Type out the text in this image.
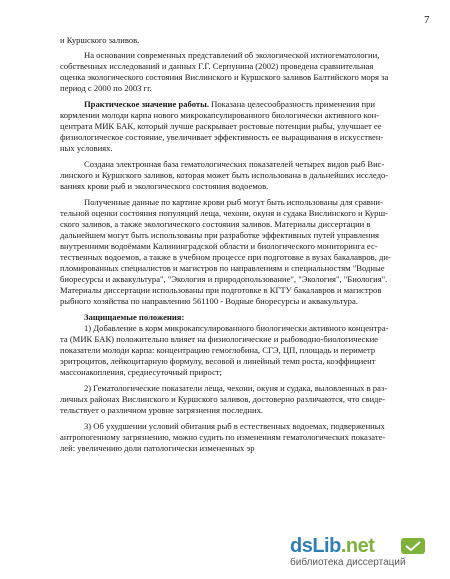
7
и Куршского заливов.
На основании современных представлений об экологической ихтиогематологии,
собственных исследований и данных Г.Г. Серпунина (2002) проведена сравнительная
оценка экологического состояния Вислинского и Куршского заливов Балтийского моря за
период с 2000 по 2003 гг.
Практическое значение работы. Показана целесообразность применения при
кормлении молоди карпа нового микрокапсулированного биологически активного кон-
центрата МИК БАК, который лучше раскрывает ростовые потенции рыбы, улучшает ее
физиологическое состояние, увеличивает эффективность ее выращивания в искусствен-
ных условиях.
Создана электронная база гематологических показателей четырех видов рыб Вис-
линского и Куршского заливов, которая может быть использована в дальнейших исследо-
ваниях крови рыб и экологического состояния водоемов.
Полученные данные по картине крови рыб могут быть использованы для сравни-
тельной оценки состояния популяций леща, чехони, окуня и судака Вислинского и Курш-
ского заливов, а также экологического состояния заливов. Материалы диссертации в
дальнейшем могут быть использованы при разработке эффективных путей управления
внутренними водоёмами Калининградской области и биологического мониторинга ес-
тественных водоемов, а также в учебном процессе при подготовке в вузах бакалавров, ди-
пломированных специалистов и магистров по направлениям и специальностям "Водные
биоресурсы и аквакультура", "Экология и природопользование", "Экология", "Биология".
Материалы диссертации использованы при подготовке в КГТУ бакалавров и магистров
рыбного хозяйства по направлению 561100 - Водные биоресурсы и аквакультура.
Защищаемые положения:
1) Добавление в корм микрокапсулированного биологически активного концентра-
та (МИК БАК) положительно влияет на физиологические и рыбоводно-биологические
показатели молоди карпа: концентрацию гемоглобина, СГЭ, ЦП, площадь и периметр
эритроцитов, лейкоцитарную формулу, весовой и линейный темп роста, коэффициент
массонакопления, среднесуточный прирост;
2) Гематологические показатели леща, чехони, окуня и судака, выловленных в раз-
личных районах Вислинского и Куршского заливов, достоверно различаются, что свиде-
тельствует о различном уровне загрязнения последних.
3) Об ухудшении условий обитания рыб в естественных водоемах, подверженных
антропогенному загрязнению, можно судить по изменениям гематологических показате-
лей: увеличению доли патологически измененных эр
dsLib.net
библиотека диссертаций
